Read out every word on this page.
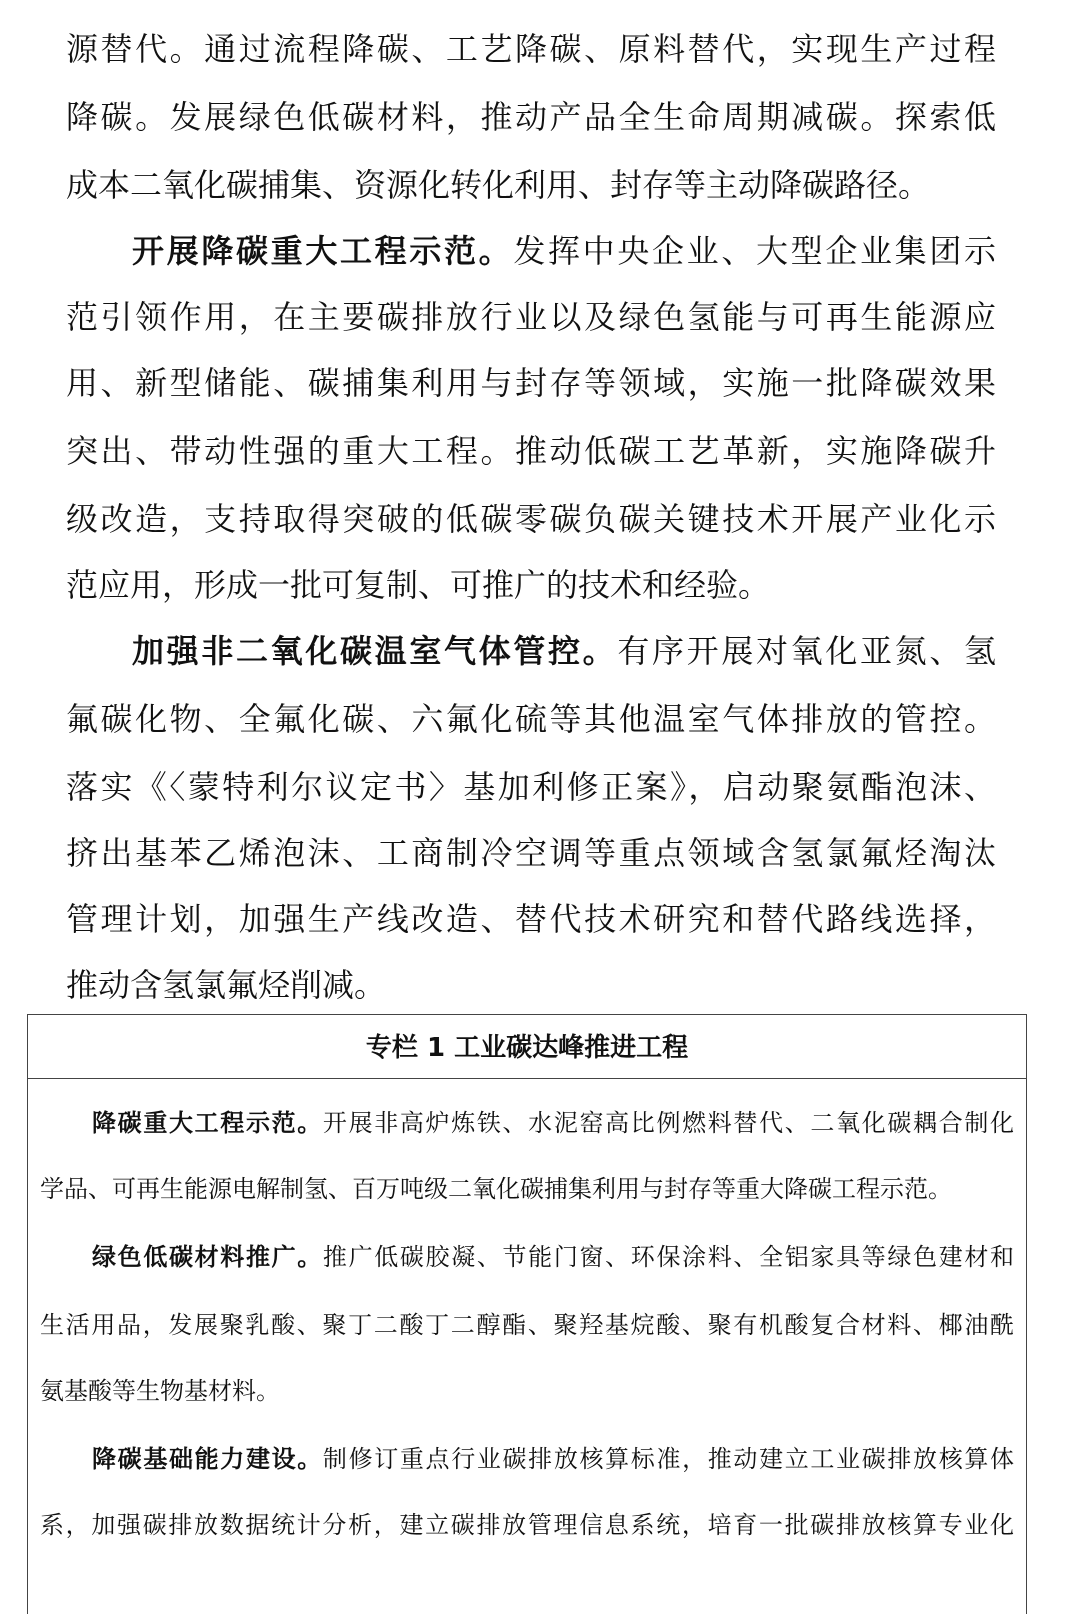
源替代。通过流程降碳、工艺降碳、原料替代，实现生产过程
降碳。发展绿色低碳材料，推动产品全生命周期减碳。探索低
成本二氧化碳捕集、资源化转化利用、封存等主动降碳路径。
开展降碳重大工程示范。发挥中央企业、大型企业集团示
范引领作用，在主要碳排放行业以及绿色氢能与可再生能源应
用、新型储能、碳捕集利用与封存等领域，实施一批降碳效果
突出、带动性强的重大工程。推动低碳工艺革新，实施降碳升
级改造，支持取得突破的低碳零碳负碳关键技术开展产业化示
范应用，形成一批可复制、可推广的技术和经验。
加强非二氧化碳温室气体管控。有序开展对氧化亚氮、氢
氟碳化物、全氟化碳、六氟化硫等其他温室气体排放的管控。
落实《〈蒙特利尔议定书〉基加利修正案》，启动聚氨酯泡沫、
挤出基苯乙烯泡沫、工商制冷空调等重点领域含氢氯氟烃淘汰
管理计划，加强生产线改造、替代技术研究和替代路线选择，
推动含氢氯氟烃削减。
专栏 1 工业碳达峰推进工程
降碳重大工程示范。开展非高炉炼铁、水泥窑高比例燃料替代、二氧化碳耦合制化
学品、可再生能源电解制氢、百万吨级二氧化碳捕集利用与封存等重大降碳工程示范。
绿色低碳材料推广。推广低碳胶凝、节能门窗、环保涂料、全铝家具等绿色建材和
生活用品，发展聚乳酸、聚丁二酸丁二醇酯、聚羟基烷酸、聚有机酸复合材料、椰油酰
氨基酸等生物基材料。
降碳基础能力建设。制修订重点行业碳排放核算标准，推动建立工业碳排放核算体
系，加强碳排放数据统计分析，建立碳排放管理信息系统，培育一批碳排放核算专业化
